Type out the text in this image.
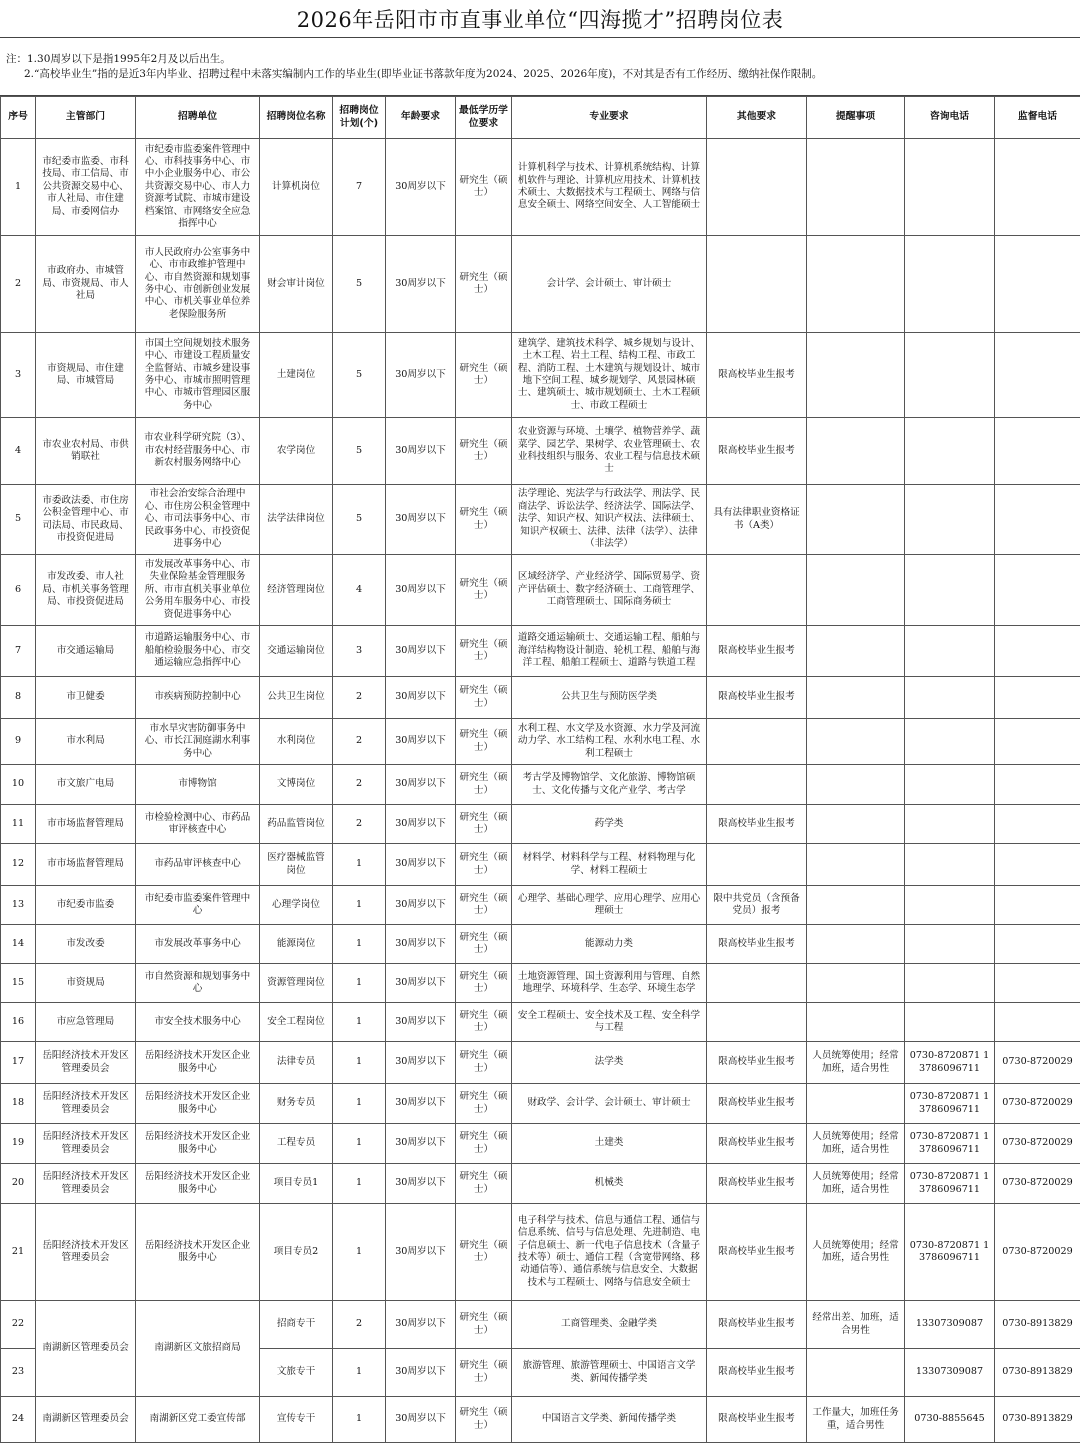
2026年岳阳市市直事业单位“四海揽才”招聘岗位表
注：1.30周岁以下是指1995年2月及以后出生。
2.“高校毕业生”指的是近3年内毕业、招聘过程中未落实编制内工作的毕业生(即毕业证书落款年度为2024、2025、2026年度)，不对其是否有工作经历、缴纳社保作限制。
序号	主管部门	招聘单位	招聘岗位名称	招聘岗位计划(个)	年龄要求	最低学历学位要求	专业要求	其他要求	提醒事项	咨询电话	监督电话
1	市纪委市监委、市科技局、市工信局、市公共资源交易中心、市人社局、市住建局、市委网信办	市纪委市监委案件管理中心、市科技事务中心、市中小企业服务中心、市公共资源交易中心、市人力资源考试院、市城市建设档案馆、市网络安全应急指挥中心	计算机岗位	7	30周岁以下	研究生（硕士）	计算机科学与技术、计算机系统结构、计算机软件与理论、计算机应用技术、计算机技术硕士、大数据技术与工程硕士、网络与信息安全硕士、网络空间安全、人工智能硕士				
2	市政府办、市城管局、市资规局、市人社局	市人民政府办公室事务中心、市市政维护管理中心、市自然资源和规划事务中心、市创新创业发展中心、市机关事业单位养老保险服务所	财会审计岗位	5	30周岁以下	研究生（硕士）	会计学、会计硕士、审计硕士				
3	市资规局、市住建局、市城管局	市国土空间规划技术服务中心、市建设工程质量安全监督站、市城乡建设事务中心、市城市照明管理中心、市城市管理园区服务中心	土建岗位	5	30周岁以下	研究生（硕士）	建筑学、建筑技术科学、城乡规划与设计、土木工程、岩土工程、结构工程、市政工程、消防工程、土木建筑与规划设计、城市地下空间工程、城乡规划学、风景园林硕士、建筑硕士、城市规划硕士、土木工程硕士、市政工程硕士	限高校毕业生报考			
4	市农业农村局、市供销联社	市农业科学研究院（3）、市农村经营服务中心、市新农村服务网络中心	农学岗位	5	30周岁以下	研究生（硕士）	农业资源与环境、土壤学、植物营养学、蔬菜学、园艺学、果树学、农业管理硕士、农业科技组织与服务、农业工程与信息技术硕士	限高校毕业生报考			
5	市委政法委、市住房公积金管理中心、市司法局、市民政局、市投资促进局	市社会治安综合治理中心、市住房公积金管理中心、市司法事务中心、市民政事务中心、市投资促进事务中心	法学法律岗位	5	30周岁以下	研究生（硕士）	法学理论、宪法学与行政法学、刑法学、民商法学、诉讼法学、经济法学、国际法学、法学、知识产权、知识产权法、法律硕士、知识产权硕士、法律、法律（法学）、法律（非法学）	具有法律职业资格证书（A类）			
6	市发改委、市人社局、市机关事务管理局、市投资促进局	市发展改革事务中心、市失业保险基金管理服务所、市市直机关事业单位公务用车服务中心、市投资促进事务中心	经济管理岗位	4	30周岁以下	研究生（硕士）	区域经济学、产业经济学、国际贸易学、资产评估硕士、数字经济硕士、工商管理学、工商管理硕士、国际商务硕士				
7	市交通运输局	市道路运输服务中心、市船舶检验服务中心、市交通运输应急指挥中心	交通运输岗位	3	30周岁以下	研究生（硕士）	道路交通运输硕士、交通运输工程、船舶与海洋结构物设计制造、轮机工程、船舶与海洋工程、船舶工程硕士、道路与铁道工程	限高校毕业生报考			
8	市卫健委	市疾病预防控制中心	公共卫生岗位	2	30周岁以下	研究生（硕士）	公共卫生与预防医学类	限高校毕业生报考			
9	市水利局	市水旱灾害防御事务中心、市长江洞庭湖水利事务中心	水利岗位	2	30周岁以下	研究生（硕士）	水利工程、水文学及水资源、水力学及河流动力学、水工结构工程、水利水电工程、水利工程硕士				
10	市文旅广电局	市博物馆	文博岗位	2	30周岁以下	研究生（硕士）	考古学及博物馆学、文化旅游、博物馆硕士、文化传播与文化产业学、考古学				
11	市市场监督管理局	市检验检测中心、市药品审评核查中心	药品监管岗位	2	30周岁以下	研究生（硕士）	药学类	限高校毕业生报考			
12	市市场监督管理局	市药品审评核查中心	医疗器械监管岗位	1	30周岁以下	研究生（硕士）	材料学、材料科学与工程、材料物理与化学、材料工程硕士				
13	市纪委市监委	市纪委市监委案件管理中心	心理学岗位	1	30周岁以下	研究生（硕士）	心理学、基础心理学、应用心理学、应用心理硕士	限中共党员（含预备党员）报考			
14	市发改委	市发展改革事务中心	能源岗位	1	30周岁以下	研究生（硕士）	能源动力类	限高校毕业生报考			
15	市资规局	市自然资源和规划事务中心	资源管理岗位	1	30周岁以下	研究生（硕士）	土地资源管理、国土资源利用与管理、自然地理学、环境科学、生态学、环境生态学				
16	市应急管理局	市安全技术服务中心	安全工程岗位	1	30周岁以下	研究生（硕士）	安全工程硕士、安全技术及工程、安全科学与工程				
17	岳阳经济技术开发区管理委员会	岳阳经济技术开发区企业服务中心	法律专员	1	30周岁以下	研究生（硕士）	法学类	限高校毕业生报考	人员统筹使用；经常加班，适合男性	0730-8720871 13786096711	0730-8720029
18	岳阳经济技术开发区管理委员会	岳阳经济技术开发区企业服务中心	财务专员	1	30周岁以下	研究生（硕士）	财政学、会计学、会计硕士、审计硕士	限高校毕业生报考		0730-8720871 13786096711	0730-8720029
19	岳阳经济技术开发区管理委员会	岳阳经济技术开发区企业服务中心	工程专员	1	30周岁以下	研究生（硕士）	土建类	限高校毕业生报考	人员统筹使用；经常加班，适合男性	0730-8720871 13786096711	0730-8720029
20	岳阳经济技术开发区管理委员会	岳阳经济技术开发区企业服务中心	项目专员1	1	30周岁以下	研究生（硕士）	机械类	限高校毕业生报考	人员统筹使用；经常加班，适合男性	0730-8720871 13786096711	0730-8720029
21	岳阳经济技术开发区管理委员会	岳阳经济技术开发区企业服务中心	项目专员2	1	30周岁以下	研究生（硕士）	电子科学与技术、信息与通信工程、通信与信息系统、信号与信息处理、先进制造、电子信息硕士、新一代电子信息技术（含量子技术等）硕士、通信工程（含宽带网络、移动通信等）、通信系统与信息安全、大数据技术与工程硕士、网络与信息安全硕士	限高校毕业生报考	人员统筹使用；经常加班，适合男性	0730-8720871 13786096711	0730-8720029
22	南湖新区管理委员会	南湖新区文旅招商局	招商专干	2	30周岁以下	研究生（硕士）	工商管理类、金融学类	限高校毕业生报考	经常出差、加班，适合男性	13307309087	0730-8913829
23			文旅专干	1	30周岁以下	研究生（硕士）	旅游管理、旅游管理硕士、中国语言文学类、新闻传播学类	限高校毕业生报考		13307309087	0730-8913829
24	南湖新区管理委员会	南湖新区党工委宣传部	宣传专干	1	30周岁以下	研究生（硕士）	中国语言文学类、新闻传播学类	限高校毕业生报考	工作量大，加班任务重，适合男性	0730-8855645	0730-8913829
